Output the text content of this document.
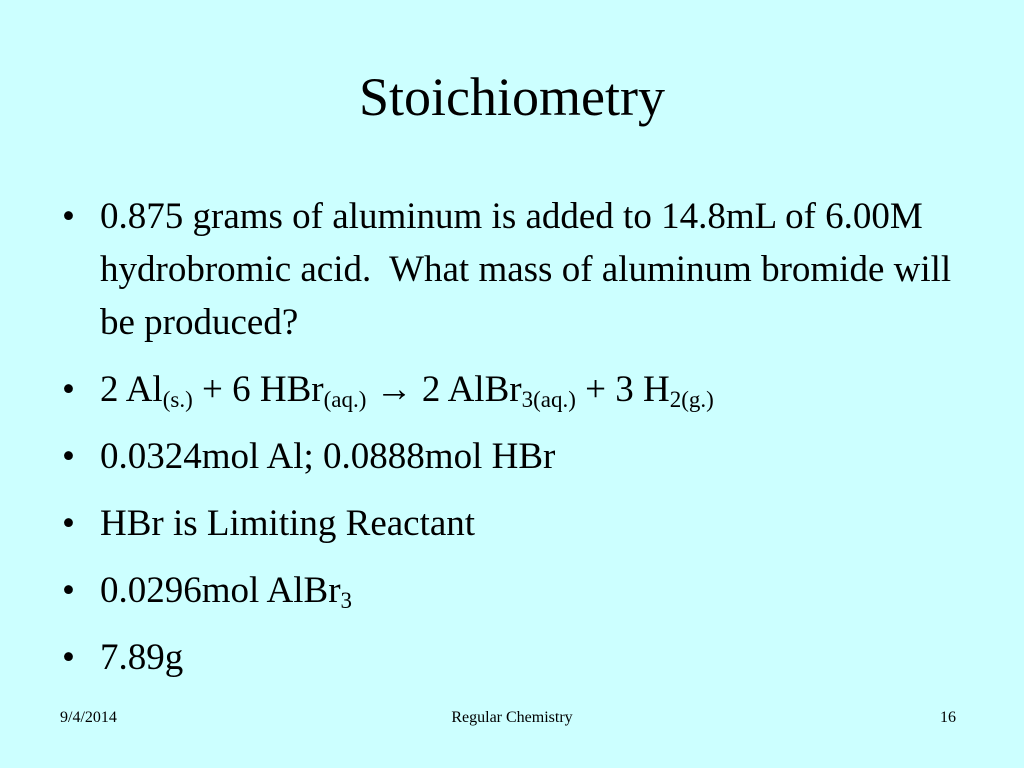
Stoichiometry
• 0.875 grams of aluminum is added to 14.8mL of 6.00M hydrobromic acid.  What mass of aluminum bromide will be produced?
• 2 $Al_{(s.)} + 6$ HBr$_{(aq.)}$ → 2 AlBr$_{3(aq.)}$ + 3 $H_{2(g.)}$
• 0.0324mol Al; 0.0888mol HBr
• HBr is Limiting Reactant
• 0.0296mol AlBr$_3$
• 7.89g
9/4/2014	Regular Chemistry	16
